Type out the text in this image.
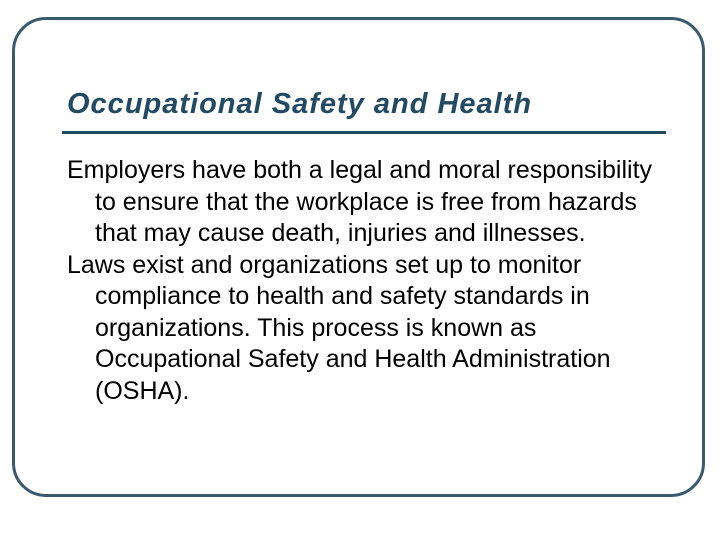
Occupational Safety and Health

Employers have both a legal and moral responsibility to ensure that the workplace is free from hazards that may cause death, injuries and illnesses.

Laws exist and organizations set up to monitor compliance to health and safety standards in organizations. This process is known as Occupational Safety and Health Administration (OSHA).
